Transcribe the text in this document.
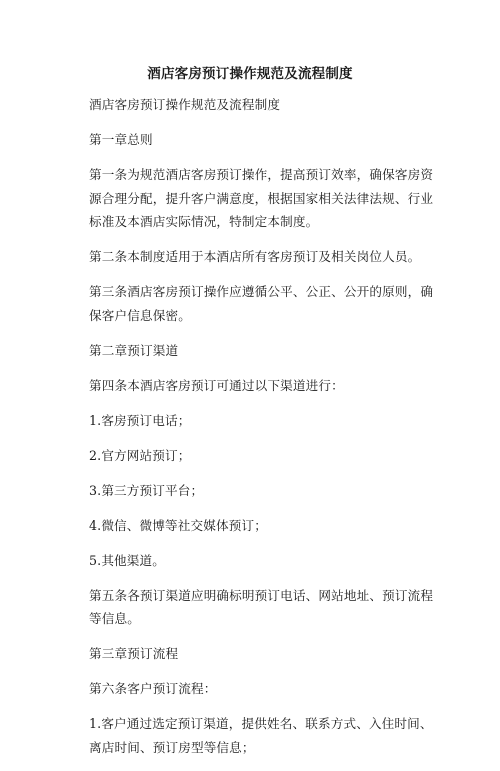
酒店客房预订操作规范及流程制度

酒店客房预订操作规范及流程制度

第一章总则

第一条为规范酒店客房预订操作，提高预订效率，确保客房资源合理分配，提升客户满意度，根据国家相关法律法规、行业标准及本酒店实际情况，特制定本制度。

第二条本制度适用于本酒店所有客房预订及相关岗位人员。

第三条酒店客房预订操作应遵循公平、公正、公开的原则，确保客户信息保密。

第二章预订渠道

第四条本酒店客房预订可通过以下渠道进行：

1.客房预订电话；

2.官方网站预订；

3.第三方预订平台；

4.微信、微博等社交媒体预订；

5.其他渠道。

第五条各预订渠道应明确标明预订电话、网站地址、预订流程等信息。

第三章预订流程

第六条客户预订流程：

1.客户通过选定预订渠道，提供姓名、联系方式、入住时间、离店时间、预订房型等信息；
